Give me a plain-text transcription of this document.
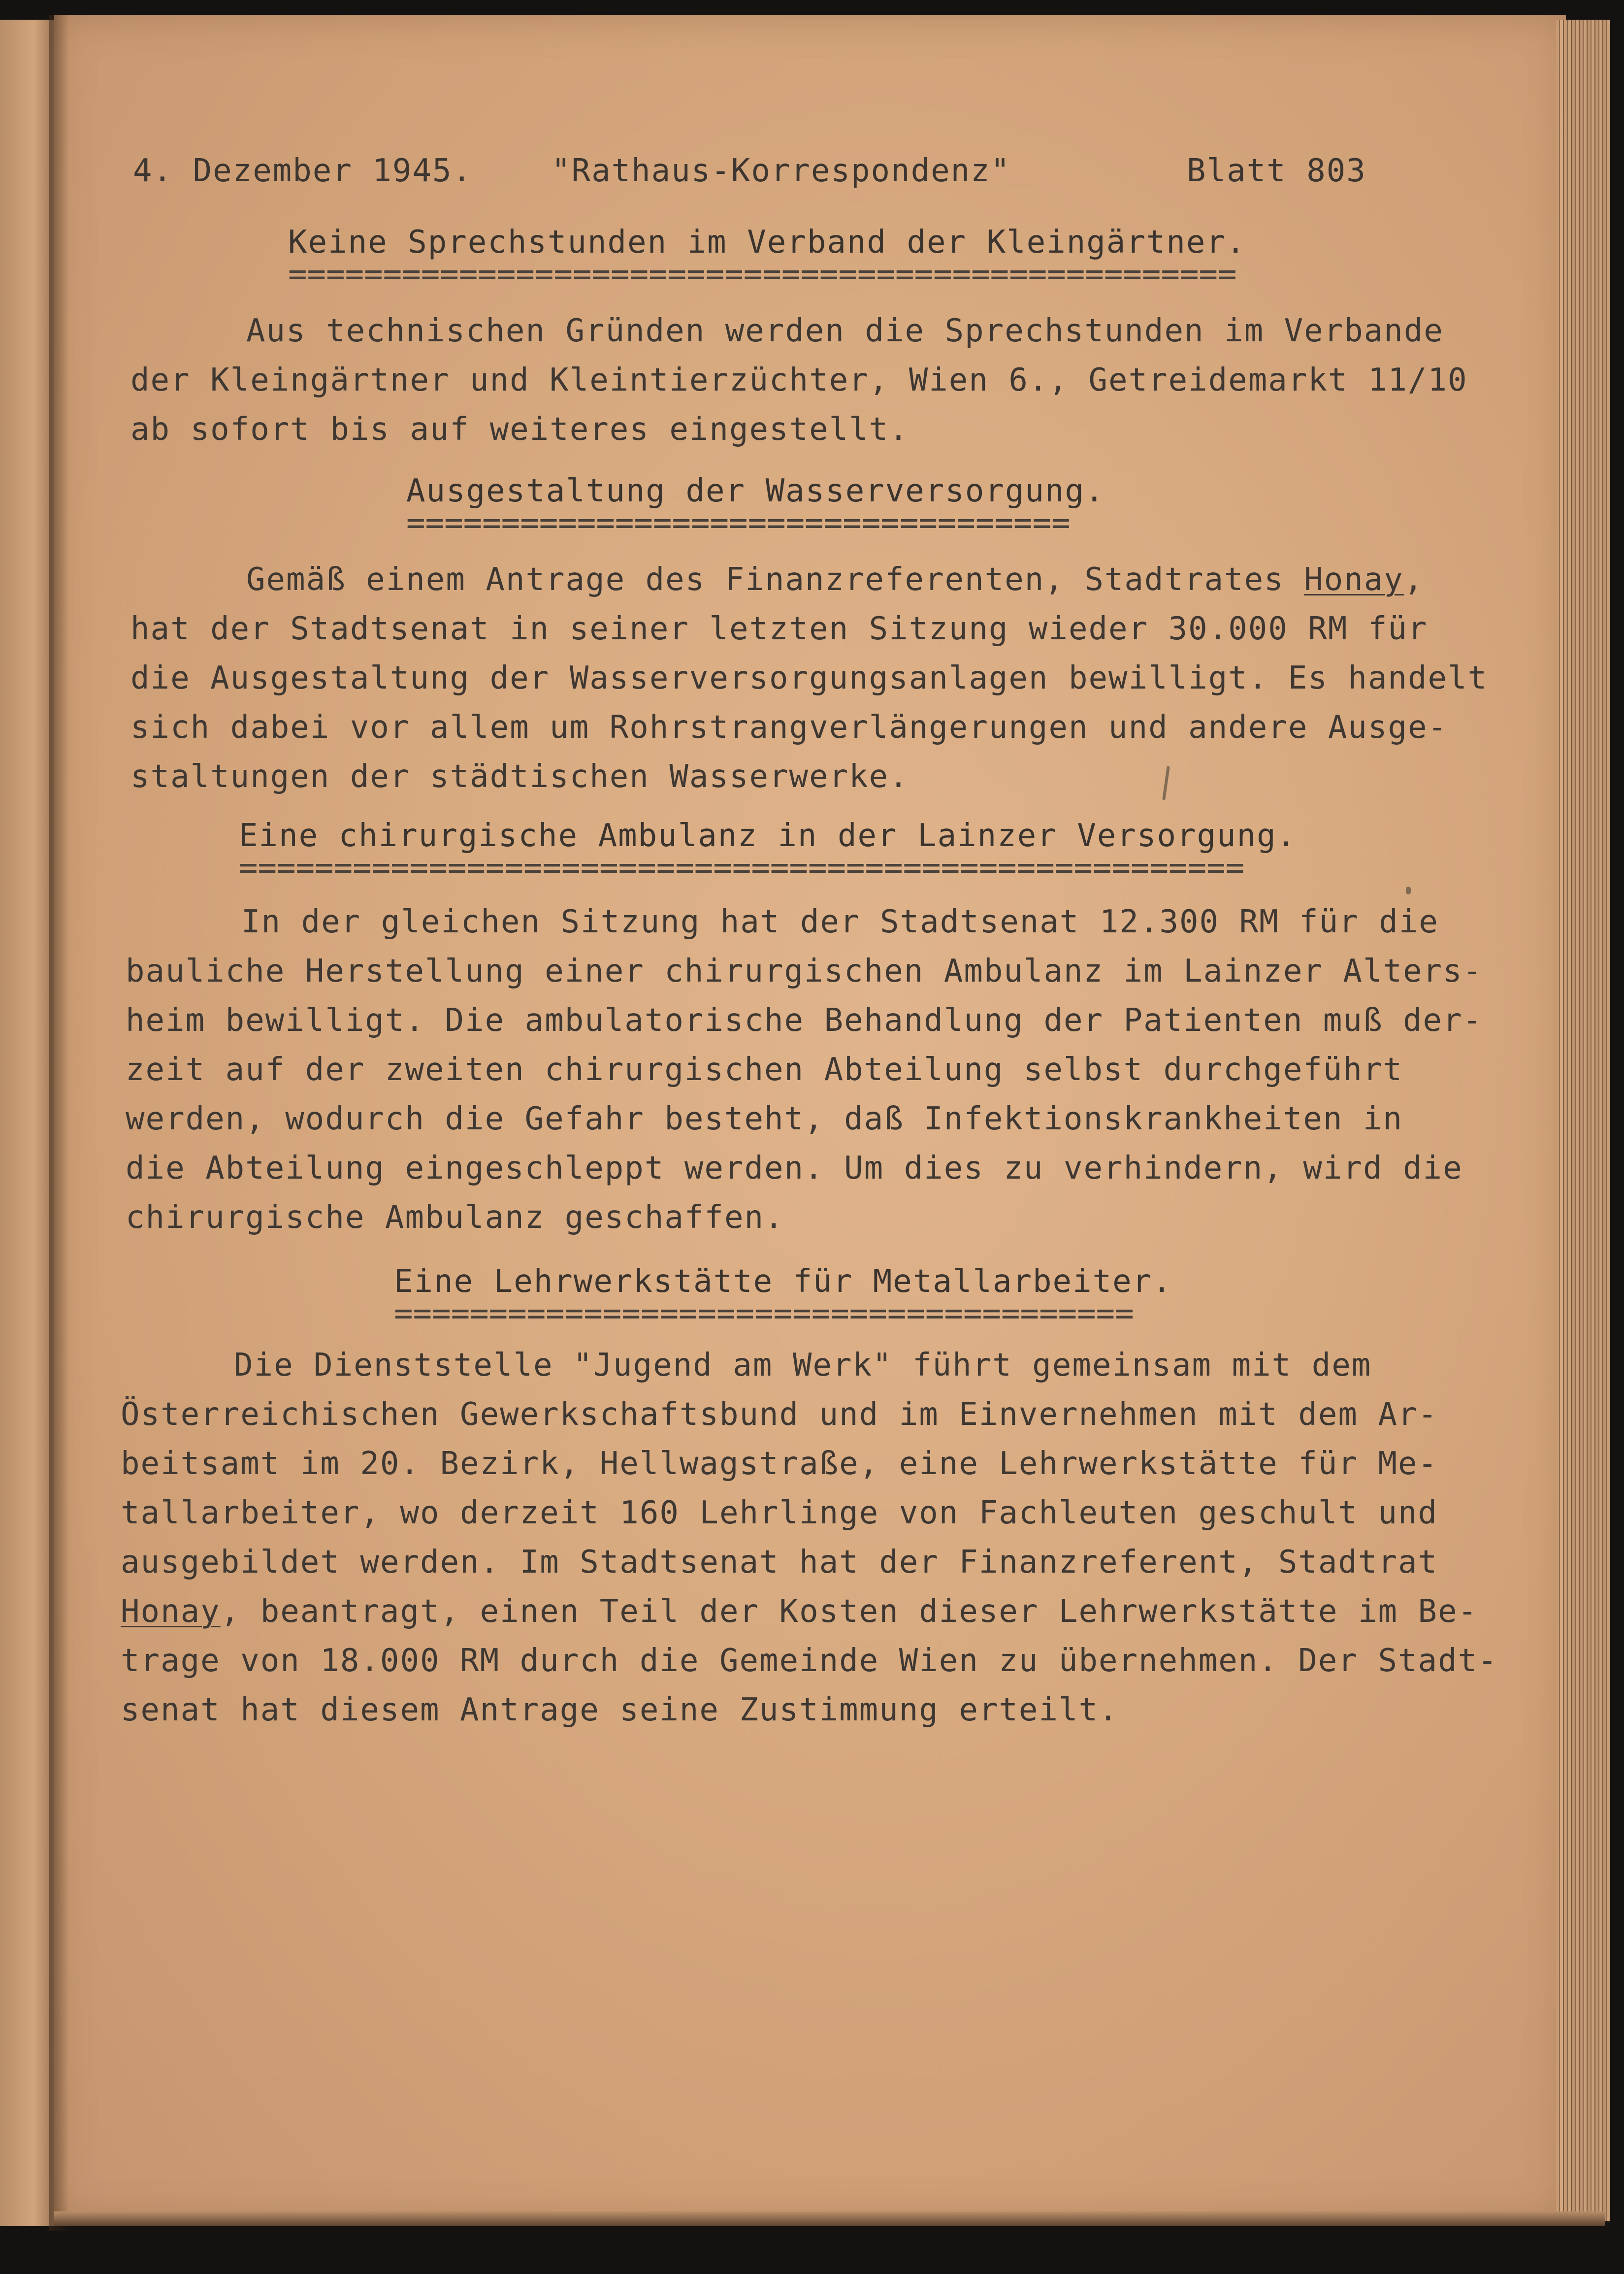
4. Dezember 1945.	"Rathaus-Korrespondenz"	Blatt 803
Keine Sprechstunden im Verband der Kleingärtner.
==================================================
Aus technischen Gründen werden die Sprechstunden im Verbande
der Kleingärtner und Kleintierzüchter, Wien 6., Getreidemarkt 11/10
ab sofort bis auf weiteres eingestellt.
Ausgestaltung der Wasserversorgung.
===================================
Gemäß einem Antrage des Finanzreferenten, Stadtrates Honay,
hat der Stadtsenat in seiner letzten Sitzung wieder 30.000 RM für
die Ausgestaltung der Wasserversorgungsanlagen bewilligt. Es handelt
sich dabei vor allem um Rohrstrangverlängerungen und andere Ausge-
staltungen der städtischen Wasserwerke.
Eine chirurgische Ambulanz in der Lainzer Versorgung.
=====================================================
In der gleichen Sitzung hat der Stadtsenat 12.300 RM für die
bauliche Herstellung einer chirurgischen Ambulanz im Lainzer Alters-
heim bewilligt. Die ambulatorische Behandlung der Patienten muß der-
zeit auf der zweiten chirurgischen Abteilung selbst durchgeführt
werden, wodurch die Gefahr besteht, daß Infektionskrankheiten in
die Abteilung eingeschleppt werden. Um dies zu verhindern, wird die
chirurgische Ambulanz geschaffen.
Eine Lehrwerkstätte für Metallarbeiter.
=======================================
Die Dienststelle "Jugend am Werk" führt gemeinsam mit dem
Österreichischen Gewerkschaftsbund und im Einvernehmen mit dem Ar-
beitsamt im 20. Bezirk, Hellwagstraße, eine Lehrwerkstätte für Me-
tallarbeiter, wo derzeit 160 Lehrlinge von Fachleuten geschult und
ausgebildet werden. Im Stadtsenat hat der Finanzreferent, Stadtrat
Honay, beantragt, einen Teil der Kosten dieser Lehrwerkstätte im Be-
trage von 18.000 RM durch die Gemeinde Wien zu übernehmen. Der Stadt-
senat hat diesem Antrage seine Zustimmung erteilt.
